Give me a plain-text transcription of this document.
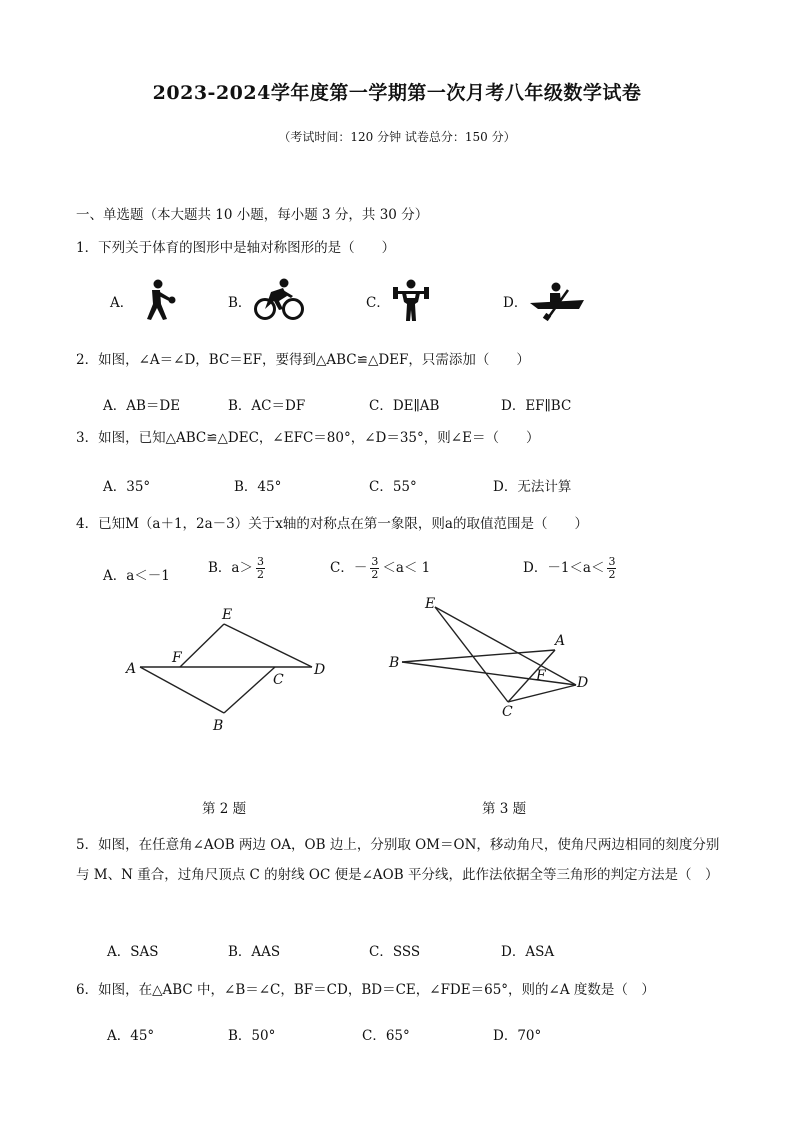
2023-2024学年度第一学期第一次月考八年级数学试卷
（考试时间：120 分钟 试卷总分：150 分）
一、单选题（本大题共 10 小题，每小题 3 分，共 30 分）
1．下列关于体育的图形中是轴对称图形的是（　　）
A．	B．	C．	D．
2．如图，∠A＝∠D，BC＝EF，要得到△ABC≌△DEF，只需添加（　　）
A．AB＝DE	B．AC＝DF	C．DE∥AB	D．EF∥BC
3．如图，已知△ABC≌△DEC，∠EFC＝80°，∠D＝35°，则∠E＝（　　）
A．35°	B．45°	C．55°	D．无法计算
4．已知M（a＋1，2a－3）关于x轴的对称点在第一象限，则a的取值范围是（　　）
A．a＜－1	B．$a> \frac{3}{2}$	C．－ $\frac{3}{2} <a< 1$	D．$-1<a< \frac{3}{2}$
A
B
C
D
E
F
第 2 题
E
B
A
F D
C
第 3 题
5．如图，在任意角∠AOB 两边 OA，OB 边上，分别取 OM＝ON，移动角尺，使角尺两边相同的刻度分别与 M、N 重合，过角尺顶点 C 的射线 OC 便是∠AOB 平分线，此作法依据全等三角形的判定方法是（　）
A．SAS	B．AAS	C．SSS	D．ASA
6．如图，在△ABC 中，∠B＝∠C，BF＝CD，BD＝CE，∠FDE＝65°，则的∠A 度数是（　）
A．45°	B．50°	C．65°	D．70°
